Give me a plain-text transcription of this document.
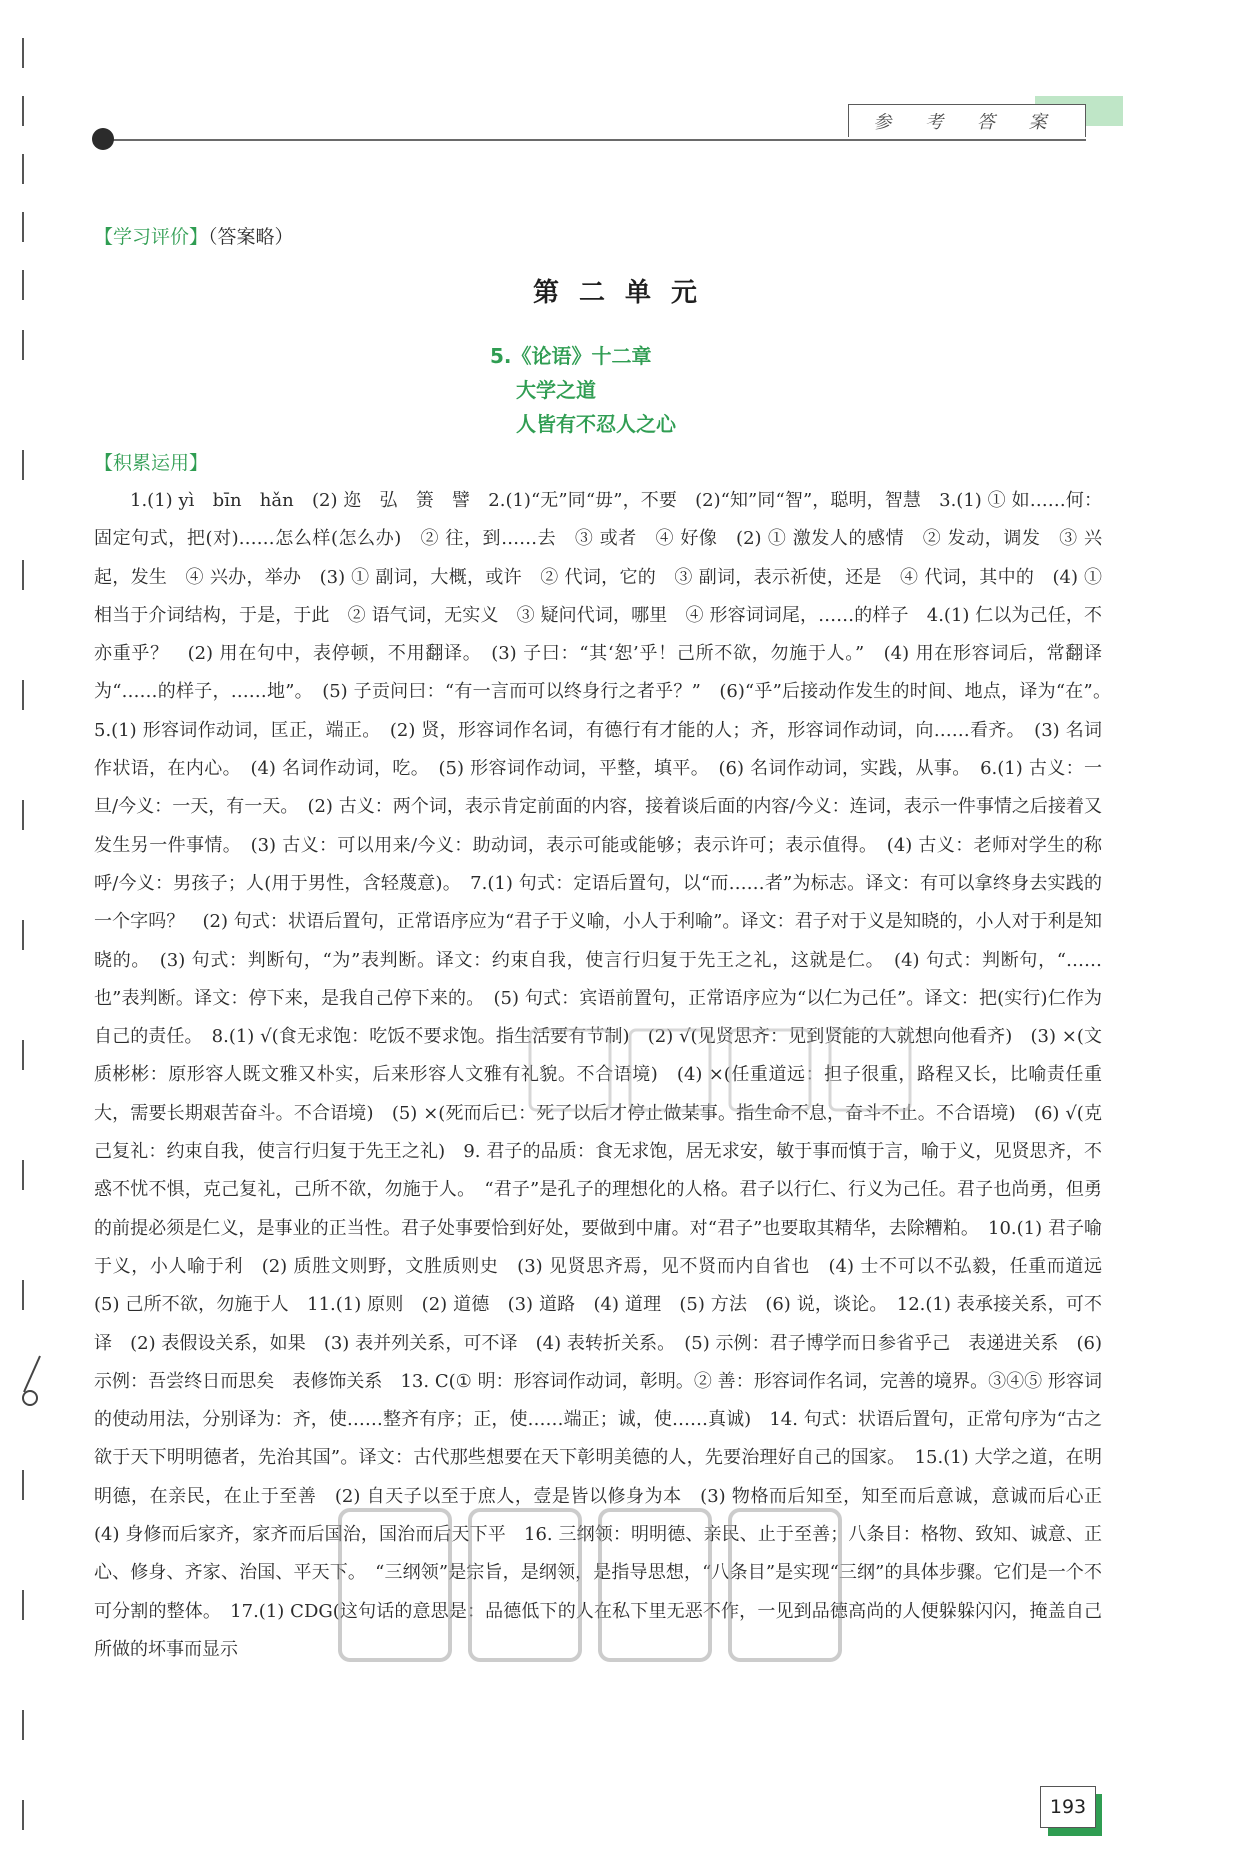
参 考 答 案
【学习评价】（答案略）
第二单元
5.《论语》十二章
大学之道
人皆有不忍人之心
【积累运用】

1.(1) yì　bīn　hǎn　(2) 迩　弘　箦　譬　2.(1)“无”同“毋”，不要　(2)“知”同“智”，聪明，智慧　3.(1) ① 如……何：固定句式，把(对)……怎么样(怎么办)　② 往，到……去　③ 或者　④ 好像　(2) ① 激发人的感情　② 发动，调发　③ 兴起，发生　④ 兴办，举办　(3) ① 副词，大概，或许　② 代词，它的　③ 副词，表示祈使，还是　④ 代词，其中的　(4) ① 相当于介词结构，于是，于此　② 语气词，无实义　③ 疑问代词，哪里　④ 形容词词尾，……的样子　4.(1) 仁以为己任，不亦重乎？　(2) 用在句中，表停顿，不用翻译。　(3) 子曰：“其‘恕’乎！己所不欲，勿施于人。”　(4) 用在形容词后，常翻译为“……的样子，……地”。　(5) 子贡问曰：“有一言而可以终身行之者乎？”　(6)“乎”后接动作发生的时间、地点，译为“在”。　5.(1) 形容词作动词，匡正，端正。　(2) 贤，形容词作名词，有德行有才能的人；齐，形容词作动词，向……看齐。　(3) 名词作状语，在内心。　(4) 名词作动词，吃。　(5) 形容词作动词，平整，填平。　(6) 名词作动词，实践，从事。　6.(1) 古义：一旦/今义：一天，有一天。　(2) 古义：两个词，表示肯定前面的内容，接着谈后面的内容/今义：连词，表示一件事情之后接着又发生另一件事情。　(3) 古义：可以用来/今义：助动词，表示可能或能够；表示许可；表示值得。　(4) 古义：老师对学生的称呼/今义：男孩子；人(用于男性，含轻蔑意)。　7.(1) 句式：定语后置句，以“而……者”为标志。译文：有可以拿终身去实践的一个字吗？　(2) 句式：状语后置句，正常语序应为“君子于义喻，小人于利喻”。译文：君子对于义是知晓的，小人对于利是知晓的。　(3) 句式：判断句，“为”表判断。译文：约束自我，使言行归复于先王之礼，这就是仁。　(4) 句式：判断句，“……也”表判断。译文：停下来，是我自己停下来的。　(5) 句式：宾语前置句，正常语序应为“以仁为己任”。译文：把(实行)仁作为自己的责任。　8.(1) √(食无求饱：吃饭不要求饱。指生活要有节制)　(2) √(见贤思齐：见到贤能的人就想向他看齐)　(3) ×(文质彬彬：原形容人既文雅又朴实，后来形容人文雅有礼貌。不合语境)　(4) ×(任重道远：担子很重，路程又长，比喻责任重大，需要长期艰苦奋斗。不合语境)　(5) ×(死而后已：死了以后才停止做某事。指生命不息，奋斗不止。不合语境)　(6) √(克己复礼：约束自我，使言行归复于先王之礼)　9. 君子的品质：食无求饱，居无求安，敏于事而慎于言，喻于义，见贤思齐，不惑不忧不惧，克己复礼，己所不欲，勿施于人。　“君子”是孔子的理想化的人格。君子以行仁、行义为己任。君子也尚勇，但勇的前提必须是仁义，是事业的正当性。君子处事要恰到好处，要做到中庸。对“君子”也要取其精华，去除糟粕。　10.(1) 君子喻于义，小人喻于利　(2) 质胜文则野，文胜质则史　(3) 见贤思齐焉，见不贤而内自省也　(4) 士不可以不弘毅，任重而道远　(5) 己所不欲，勿施于人　11.(1) 原则　(2) 道德　(3) 道路　(4) 道理　(5) 方法　(6) 说，谈论。　12.(1) 表承接关系，可不译　(2) 表假设关系，如果　(3) 表并列关系，可不译　(4) 表转折关系。　(5) 示例：君子博学而日参省乎己　表递进关系　(6) 示例：吾尝终日而思矣　表修饰关系　13. C(① 明：形容词作动词，彰明。② 善：形容词作名词，完善的境界。③④⑤ 形容词的使动用法，分别译为：齐，使……整齐有序；正，使……端正；诚，使……真诚)　14. 句式：状语后置句，正常句序为“古之欲于天下明明德者，先治其国”。译文：古代那些想要在天下彰明美德的人，先要治理好自己的国家。　15.(1) 大学之道，在明明德，在亲民，在止于至善　(2) 自天子以至于庶人，壹是皆以修身为本　(3) 物格而后知至，知至而后意诚，意诚而后心正　(4) 身修而后家齐，家齐而后国治，国治而后天下平　16. 三纲领：明明德、亲民、止于至善；八条目：格物、致知、诚意、正心、修身、齐家、治国、平天下。　“三纲领”是宗旨，是纲领，是指导思想，“八条目”是实现“三纲”的具体步骤。它们是一个不可分割的整体。　17.(1) CDG(这句话的意思是：品德低下的人在私下里无恶不作，一见到品德高尚的人便躲躲闪闪，掩盖自己所做的坏事而显示

193
